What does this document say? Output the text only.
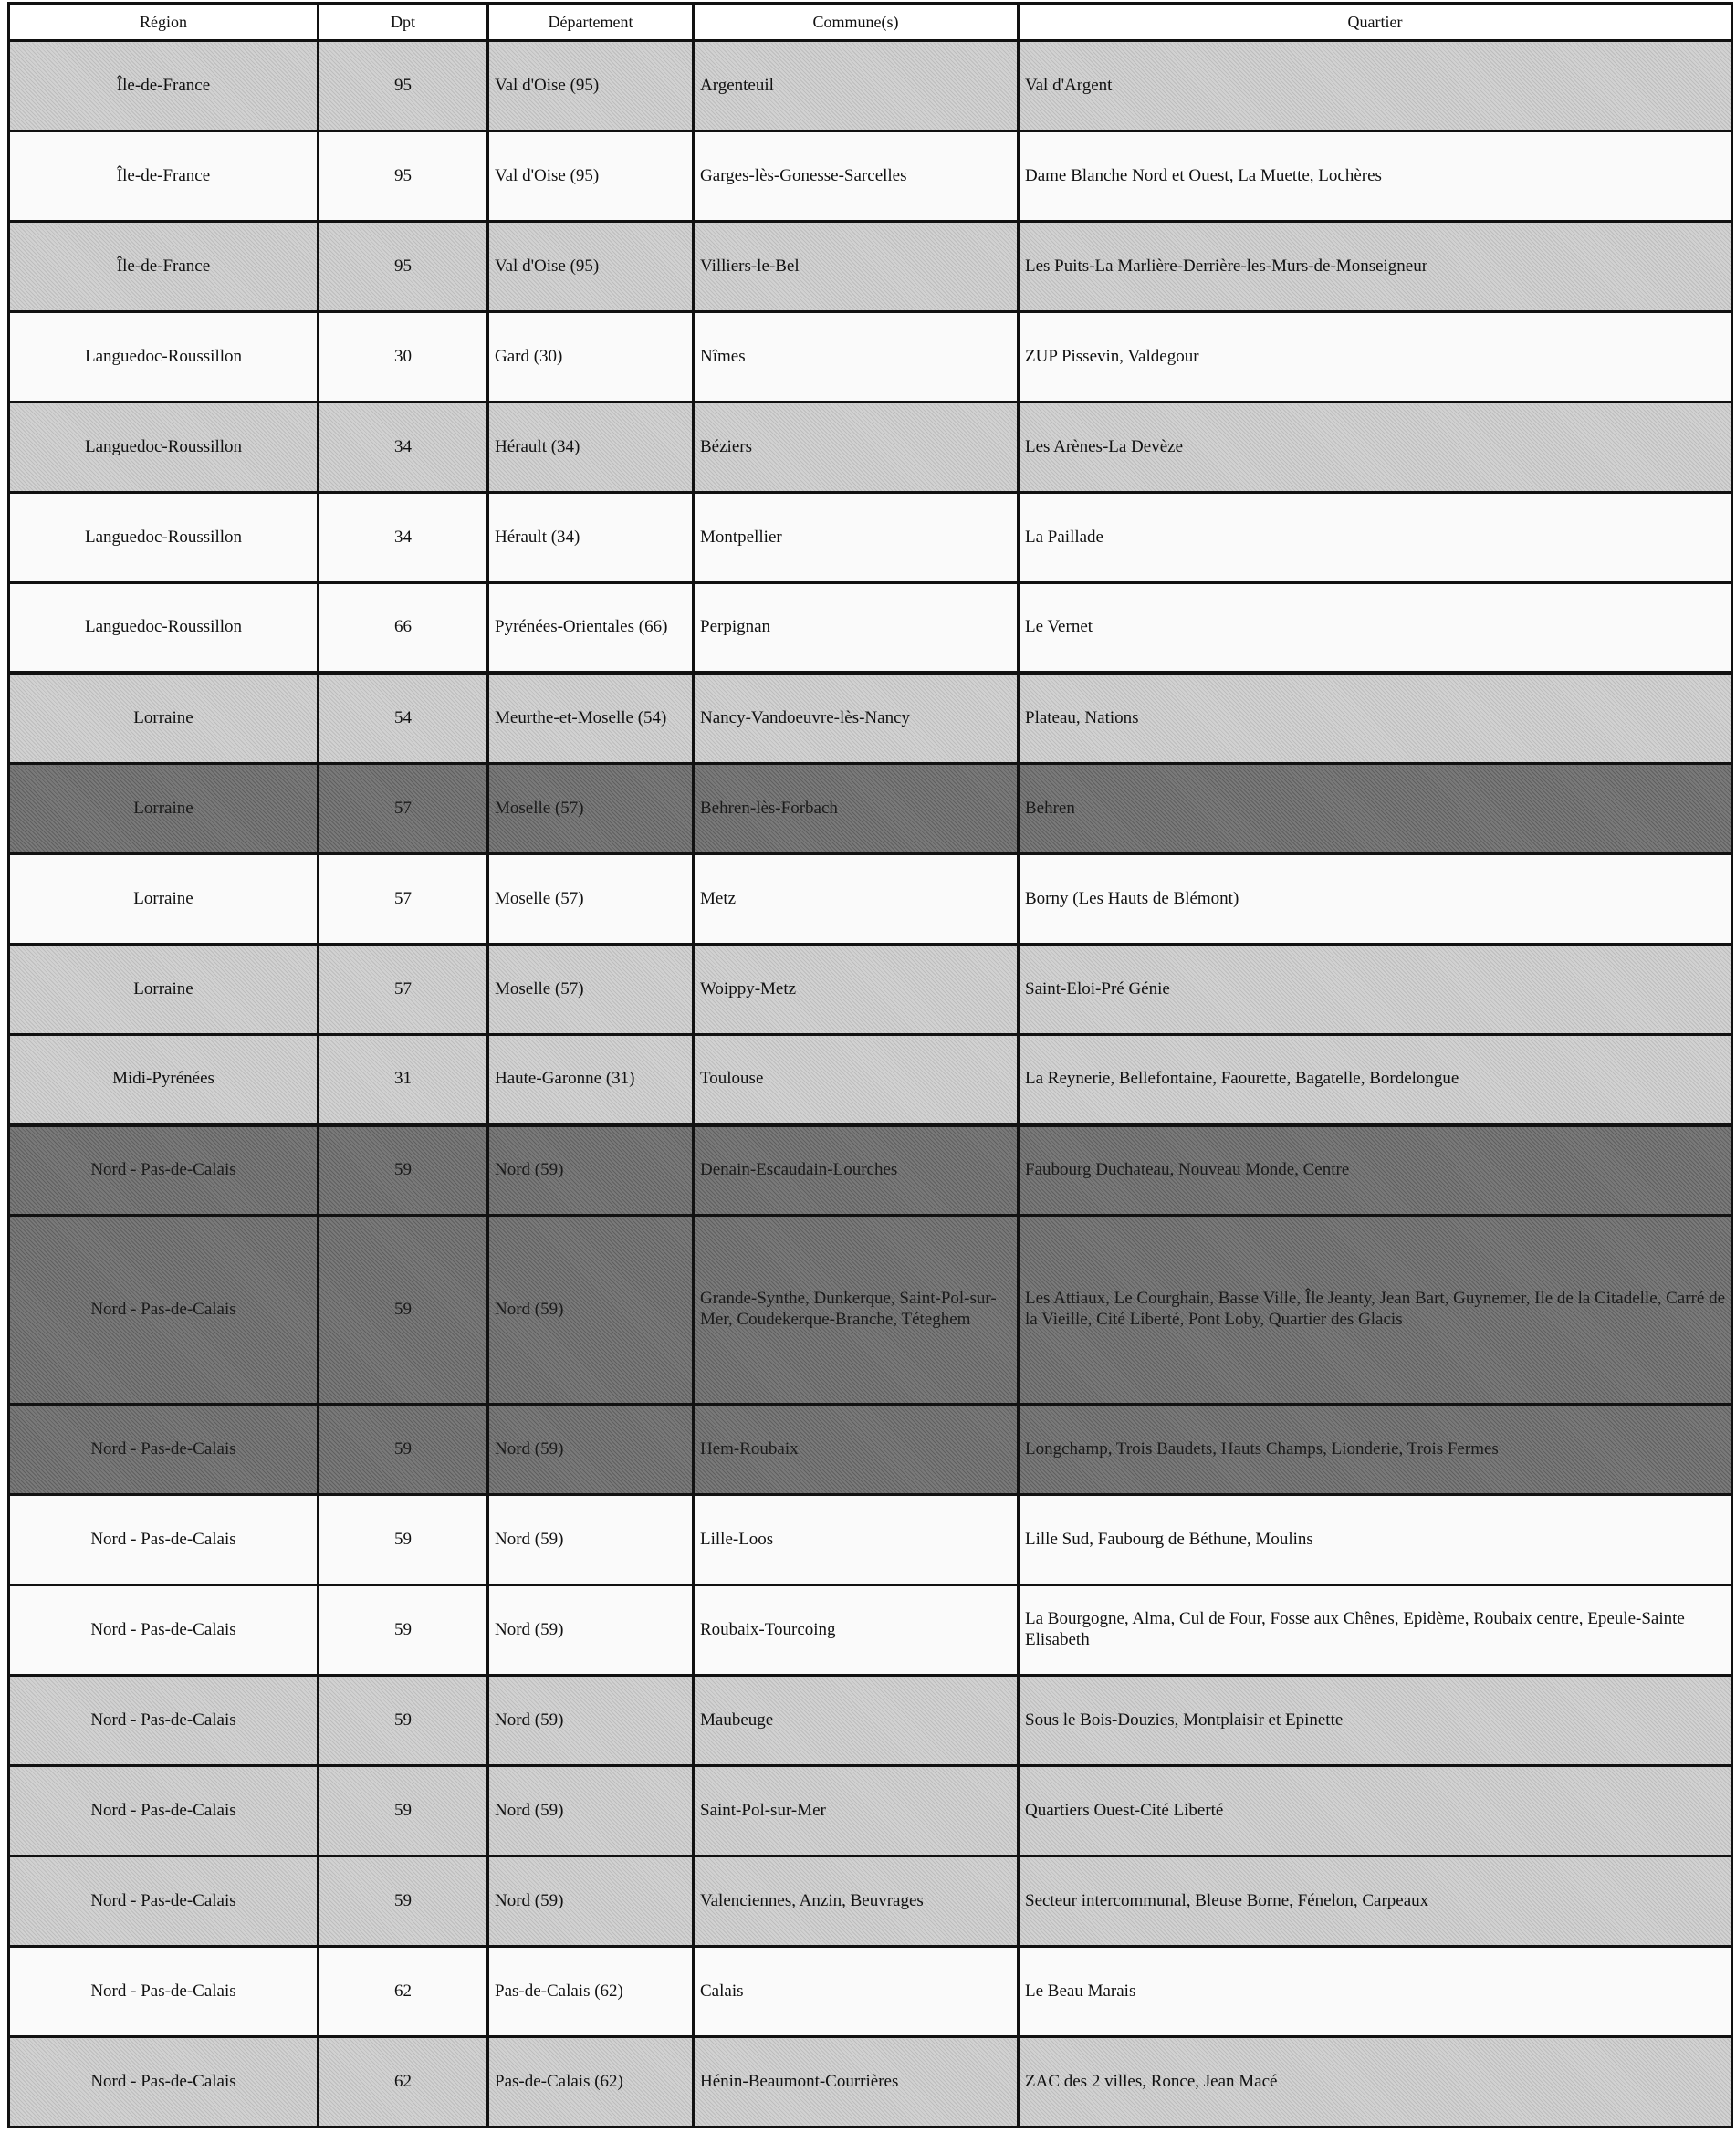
Région	Dpt	Département	Commune(s)	Quartier
Île-de-France	95	Val d'Oise (95)	Argenteuil	Val d'Argent
Île-de-France	95	Val d'Oise (95)	Garges-lès-Gonesse-Sarcelles	Dame Blanche Nord et Ouest, La Muette, Lochères
Île-de-France	95	Val d'Oise (95)	Villiers-le-Bel	Les Puits-La Marlière-Derrière-les-Murs-de-Monseigneur
Languedoc-Roussillon	30	Gard (30)	Nîmes	ZUP Pissevin, Valdegour
Languedoc-Roussillon	34	Hérault (34)	Béziers	Les Arènes-La Devèze
Languedoc-Roussillon	34	Hérault (34)	Montpellier	La Paillade
Languedoc-Roussillon	66	Pyrénées-Orientales (66)	Perpignan	Le Vernet
Lorraine	54	Meurthe-et-Moselle (54)	Nancy-Vandoeuvre-lès-Nancy	Plateau, Nations
Lorraine	57	Moselle (57)	Behren-lès-Forbach	Behren
Lorraine	57	Moselle (57)	Metz	Borny (Les Hauts de Blémont)
Lorraine	57	Moselle (57)	Woippy-Metz	Saint-Eloi-Pré Génie
Midi-Pyrénées	31	Haute-Garonne (31)	Toulouse	La Reynerie, Bellefontaine, Faourette, Bagatelle, Bordelongue
Nord - Pas-de-Calais	59	Nord (59)	Denain-Escaudain-Lourches	Faubourg Duchateau, Nouveau Monde, Centre
Nord - Pas-de-Calais	59	Nord (59)	Grande-Synthe, Dunkerque, Saint-Pol-sur-Mer, Coudekerque-Branche, Téteghem	Les Attiaux, Le Courghain, Basse Ville, Île Jeanty, Jean Bart, Guynemer, Ile de la Citadelle, Carré de la Vieille, Cité Liberté, Pont Loby, Quartier des Glacis
Nord - Pas-de-Calais	59	Nord (59)	Hem-Roubaix	Longchamp, Trois Baudets, Hauts Champs, Lionderie, Trois Fermes
Nord - Pas-de-Calais	59	Nord (59)	Lille-Loos	Lille Sud, Faubourg de Béthune, Moulins
Nord - Pas-de-Calais	59	Nord (59)	Roubaix-Tourcoing	La Bourgogne, Alma, Cul de Four, Fosse aux Chênes, Epidème, Roubaix centre, Epeule-Sainte Elisabeth
Nord - Pas-de-Calais	59	Nord (59)	Maubeuge	Sous le Bois-Douzies, Montplaisir et Epinette
Nord - Pas-de-Calais	59	Nord (59)	Saint-Pol-sur-Mer	Quartiers Ouest-Cité Liberté
Nord - Pas-de-Calais	59	Nord (59)	Valenciennes, Anzin, Beuvrages	Secteur intercommunal, Bleuse Borne, Fénelon, Carpeaux
Nord - Pas-de-Calais	62	Pas-de-Calais (62)	Calais	Le Beau Marais
Nord - Pas-de-Calais	62	Pas-de-Calais (62)	Hénin-Beaumont-Courrières	ZAC des 2 villes, Ronce, Jean Macé
